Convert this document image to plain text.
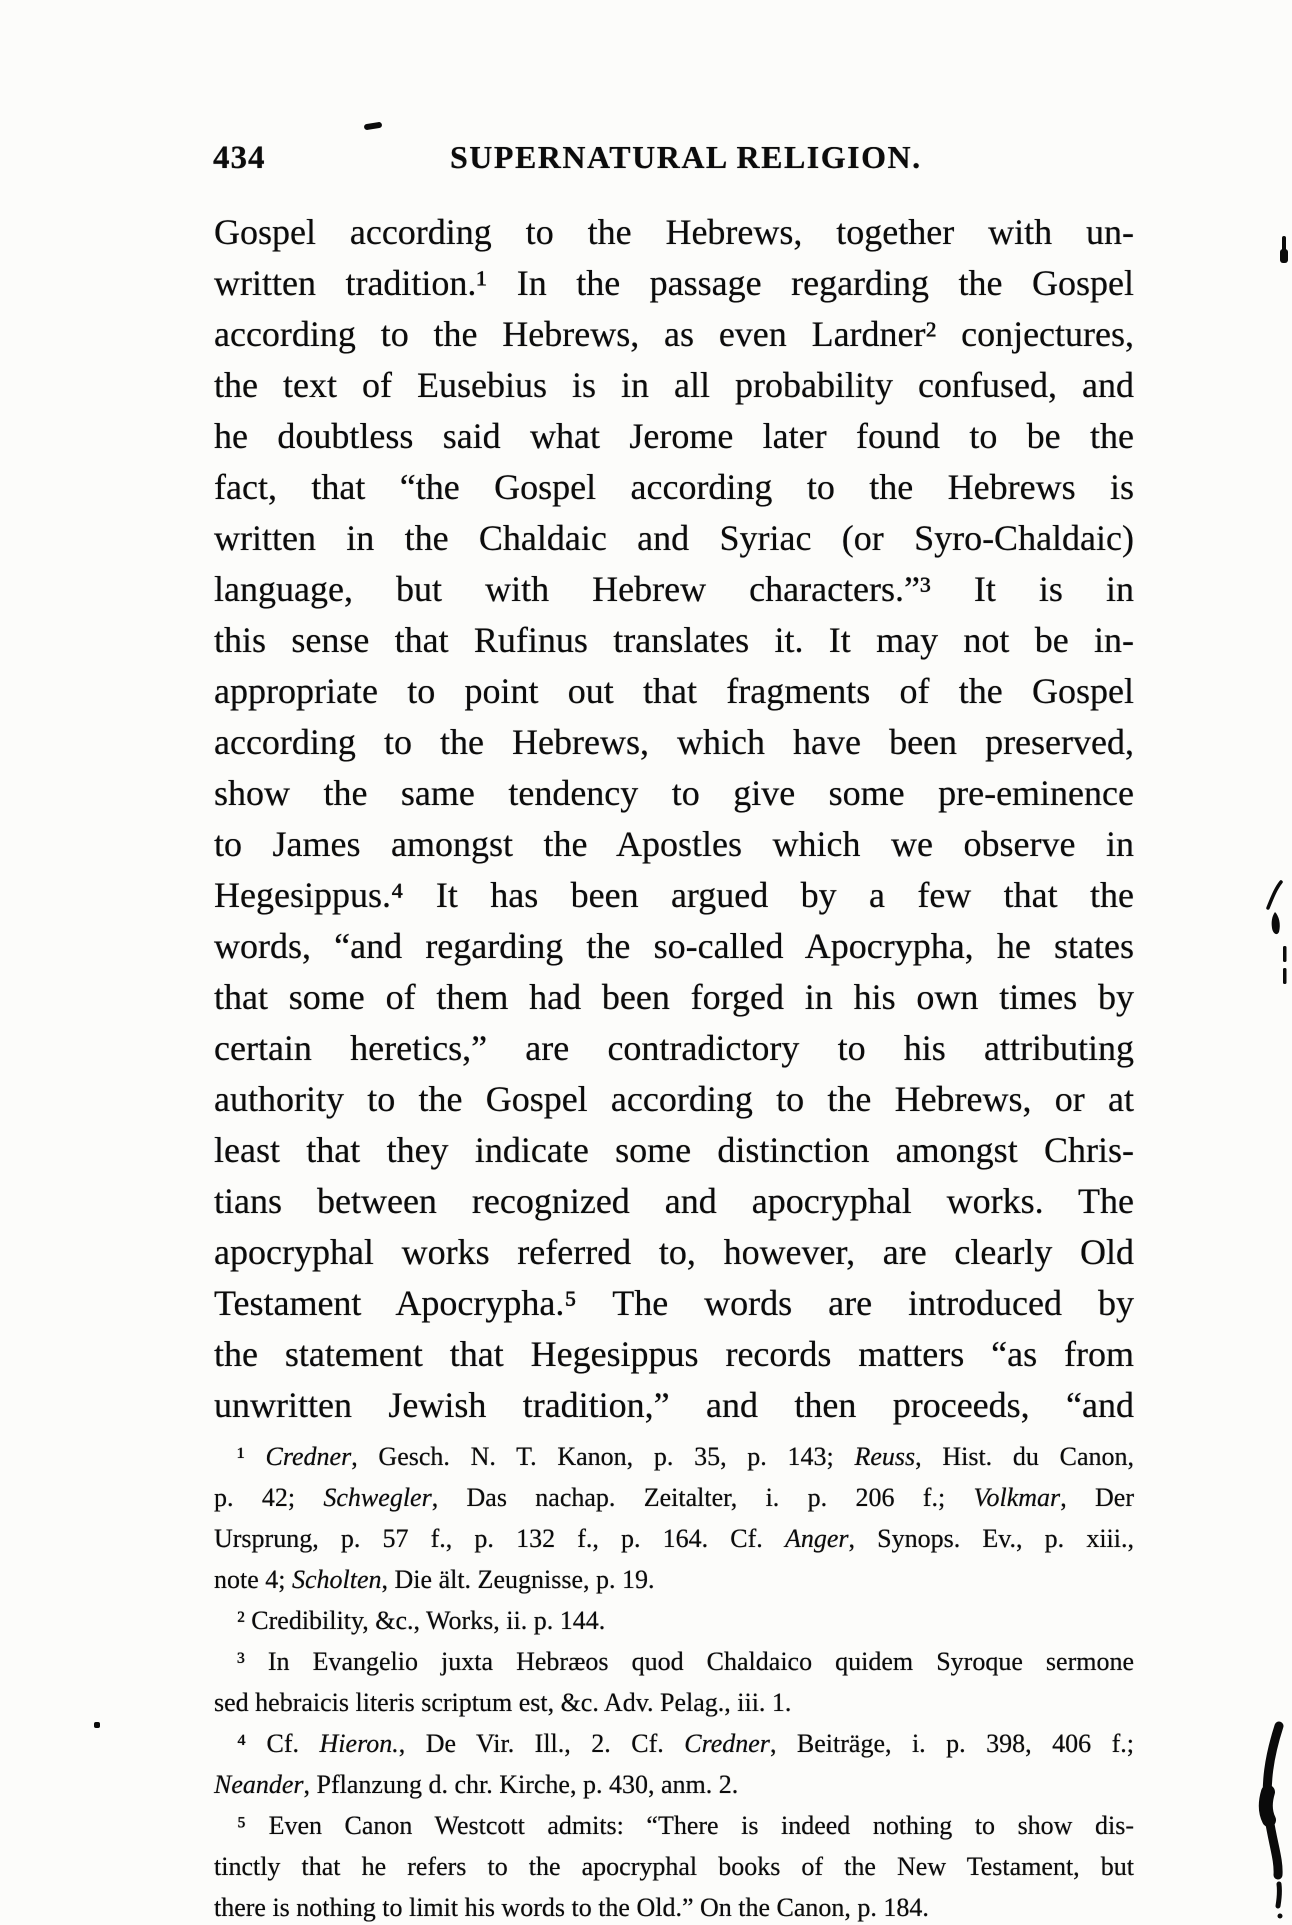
434	SUPERNATURAL RELIGION.
Gospel according to the Hebrews, together with un-
written tradition.¹ In the passage regarding the Gospel
according to the Hebrews, as even Lardner² conjectures,
the text of Eusebius is in all probability confused, and
he doubtless said what Jerome later found to be the
fact, that “the Gospel according to the Hebrews is
written in the Chaldaic and Syriac (or Syro-Chaldaic)
language, but with Hebrew characters.”³ It is in
this sense that Rufinus translates it. It may not be in-
appropriate to point out that fragments of the Gospel
according to the Hebrews, which have been preserved,
show the same tendency to give some pre-eminence
to James amongst the Apostles which we observe in
Hegesippus.⁴ It has been argued by a few that the
words, “and regarding the so-called Apocrypha, he states
that some of them had been forged in his own times by
certain heretics,” are contradictory to his attributing
authority to the Gospel according to the Hebrews, or at
least that they indicate some distinction amongst Chris-
tians between recognized and apocryphal works. The
apocryphal works referred to, however, are clearly Old
Testament Apocrypha.⁵ The words are introduced by
the statement that Hegesippus records matters “as from
unwritten Jewish tradition,” and then proceeds, “and
¹ Credner, Gesch. N. T. Kanon, p. 35, p. 143; Reuss, Hist. du Canon,
p. 42; Schwegler, Das nachap. Zeitalter, i. p. 206 f.; Volkmar, Der
Ursprung, p. 57 f., p. 132 f., p. 164. Cf. Anger, Synops. Ev., p. xiii.,
note 4; Scholten, Die ält. Zeugnisse, p. 19.
² Credibility, &c., Works, ii. p. 144.
³ In Evangelio juxta Hebræos quod Chaldaico quidem Syroque sermone
sed hebraicis literis scriptum est, &c. Adv. Pelag., iii. 1.
⁴ Cf. Hieron., De Vir. Ill., 2. Cf. Credner, Beiträge, i. p. 398, 406 f.;
Neander, Pflanzung d. chr. Kirche, p. 430, anm. 2.
⁵ Even Canon Westcott admits: “There is indeed nothing to show dis-
tinctly that he refers to the apocryphal books of the New Testament, but
there is nothing to limit his words to the Old.” On the Canon, p. 184.
